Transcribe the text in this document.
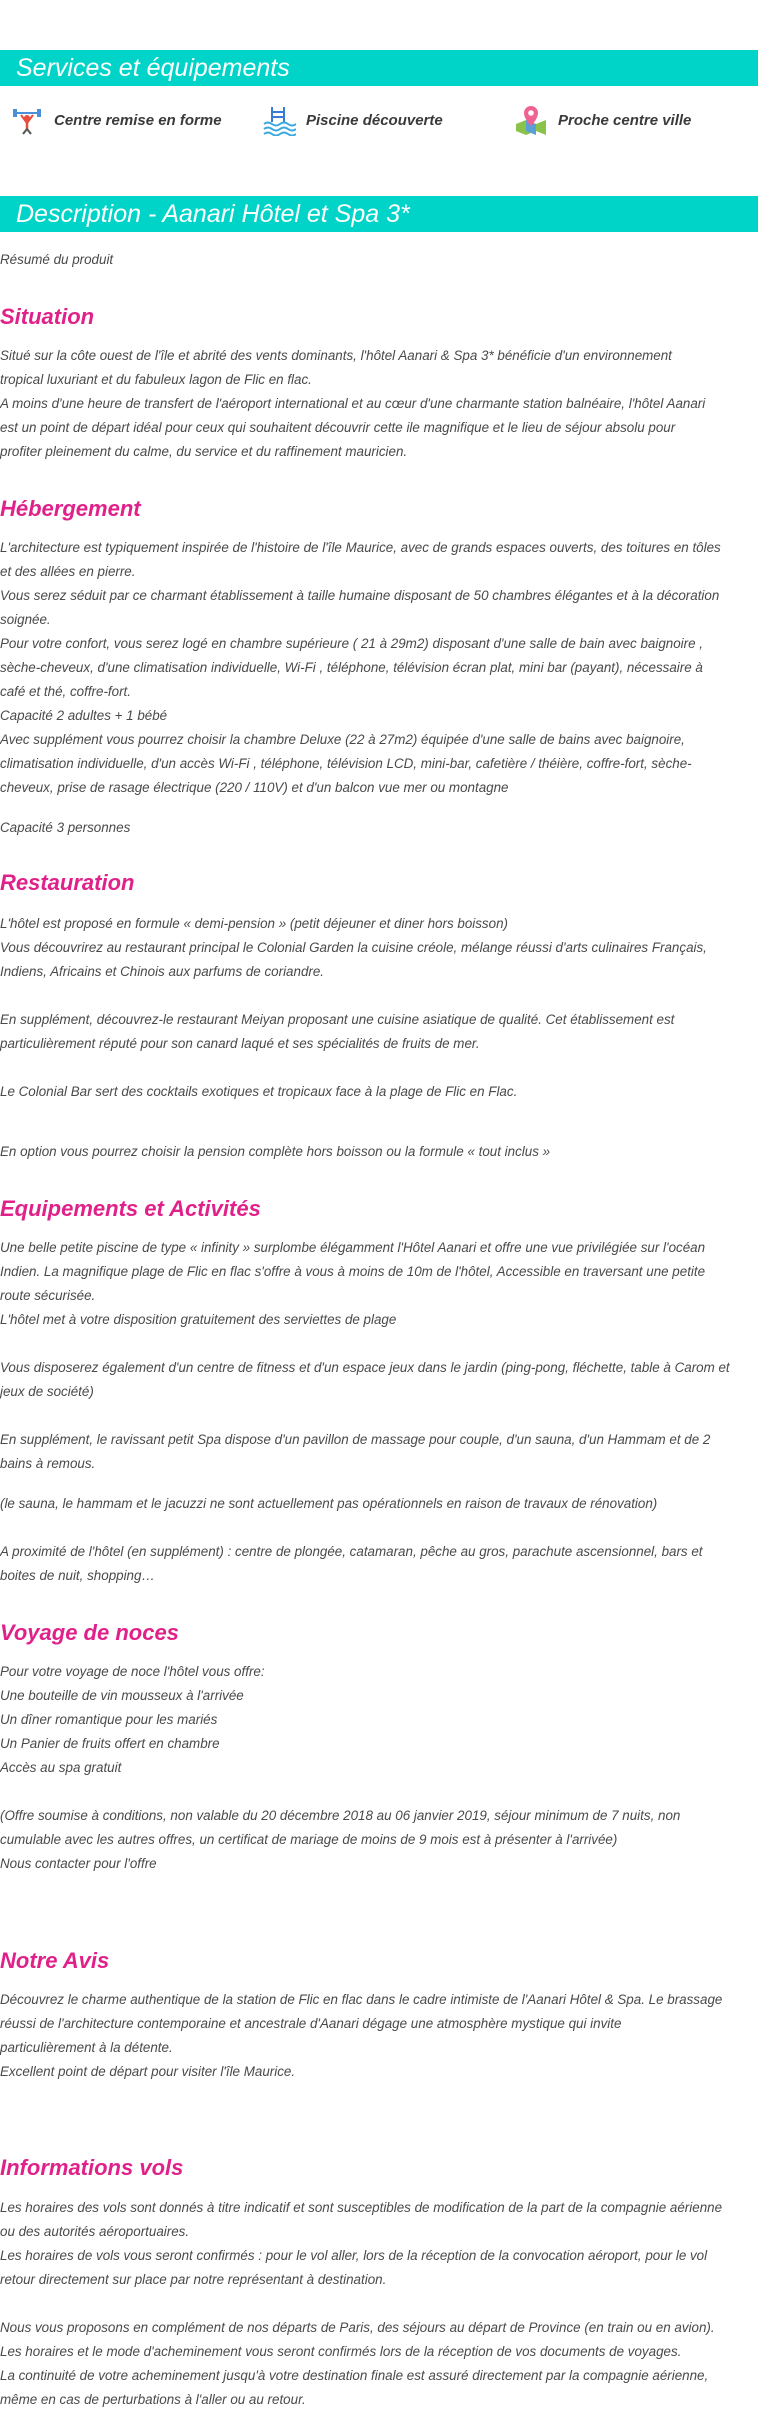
Services et équipements
Centre remise en forme	Piscine découverte	Proche centre ville
Description - Aanari Hôtel et Spa 3*
Résumé du produit
Situation
Situé sur la côte ouest de l'île et abrité des vents dominants, l'hôtel Aanari & Spa 3* bénéficie d'un environnement
tropical luxuriant et du fabuleux lagon de Flic en flac.
A moins d'une heure de transfert de l'aéroport international et au cœur d'une charmante station balnéaire, l'hôtel Aanari
est un point de départ idéal pour ceux qui souhaitent découvrir cette ile magnifique et le lieu de séjour absolu pour
profiter pleinement du calme, du service et du raffinement mauricien.
Hébergement
L'architecture est typiquement inspirée de l'histoire de l'île Maurice, avec de grands espaces ouverts, des toitures en tôles
et des allées en pierre.
Vous serez séduit par ce charmant établissement à taille humaine disposant de 50 chambres élégantes et à la décoration
soignée.
Pour votre confort, vous serez logé en chambre supérieure ( 21 à 29m2) disposant d'une salle de bain avec baignoire ,
sèche-cheveux, d'une climatisation individuelle, Wi-Fi , téléphone, télévision écran plat, mini bar (payant), nécessaire à
café et thé, coffre-fort.
Capacité 2 adultes + 1 bébé
Avec supplément vous pourrez choisir la chambre Deluxe (22 à 27m2) équipée d'une salle de bains avec baignoire,
climatisation individuelle, d'un accès Wi-Fi , téléphone, télévision LCD, mini-bar, cafetière / théière, coffre-fort, sèche-
cheveux, prise de rasage électrique (220 / 110V) et d'un balcon vue mer ou montagne
Capacité 3 personnes
Restauration
L'hôtel est proposé en formule « demi-pension » (petit déjeuner et diner hors boisson)
Vous découvrirez au restaurant principal le Colonial Garden la cuisine créole, mélange réussi d'arts culinaires Français,
Indiens, Africains et Chinois aux parfums de coriandre.
En supplément, découvrez-le restaurant Meiyan proposant une cuisine asiatique de qualité. Cet établissement est
particulièrement réputé pour son canard laqué et ses spécialités de fruits de mer.
Le Colonial Bar sert des cocktails exotiques et tropicaux face à la plage de Flic en Flac.
En option vous pourrez choisir la pension complète hors boisson ou la formule « tout inclus »
Equipements et Activités
Une belle petite piscine de type « infinity » surplombe élégamment l'Hôtel Aanari et offre une vue privilégiée sur l'océan
Indien. La magnifique plage de Flic en flac s'offre à vous à moins de 10m de l'hôtel, Accessible en traversant une petite
route sécurisée.
L'hôtel met à votre disposition gratuitement des serviettes de plage
Vous disposerez également d'un centre de fitness et d'un espace jeux dans le jardin (ping-pong, fléchette, table à Carom et
jeux de société)
En supplément, le ravissant petit Spa dispose d'un pavillon de massage pour couple, d'un sauna, d'un Hammam et de 2
bains à remous.
(le sauna, le hammam et le jacuzzi ne sont actuellement pas opérationnels en raison de travaux de rénovation)
A proximité de l'hôtel (en supplément) : centre de plongée, catamaran, pêche au gros, parachute ascensionnel, bars et
boites de nuit, shopping…
Voyage de noces
Pour votre voyage de noce l'hôtel vous offre:
Une bouteille de vin mousseux à l'arrivée
Un dîner romantique pour les mariés
Un Panier de fruits offert en chambre
Accès au spa gratuit
(Offre soumise à conditions, non valable du 20 décembre 2018 au 06 janvier 2019, séjour minimum de 7 nuits, non
cumulable avec les autres offres, un certificat de mariage de moins de 9 mois est à présenter à l'arrivée)
Nous contacter pour l'offre
Notre Avis
Découvrez le charme authentique de la station de Flic en flac dans le cadre intimiste de l'Aanari Hôtel & Spa. Le brassage
réussi de l'architecture contemporaine et ancestrale d'Aanari dégage une atmosphère mystique qui invite
particulièrement à la détente.
Excellent point de départ pour visiter l'île Maurice.
Informations vols
Les horaires des vols sont donnés à titre indicatif et sont susceptibles de modification de la part de la compagnie aérienne
ou des autorités aéroportuaires.
Les horaires de vols vous seront confirmés : pour le vol aller, lors de la réception de la convocation aéroport, pour le vol
retour directement sur place par notre représentant à destination.
Nous vous proposons en complément de nos départs de Paris, des séjours au départ de Province (en train ou en avion).
Les horaires et le mode d'acheminement vous seront confirmés lors de la réception de vos documents de voyages.
La continuité de votre acheminement jusqu'à votre destination finale est assuré directement par la compagnie aérienne,
même en cas de perturbations à l'aller ou au retour.
